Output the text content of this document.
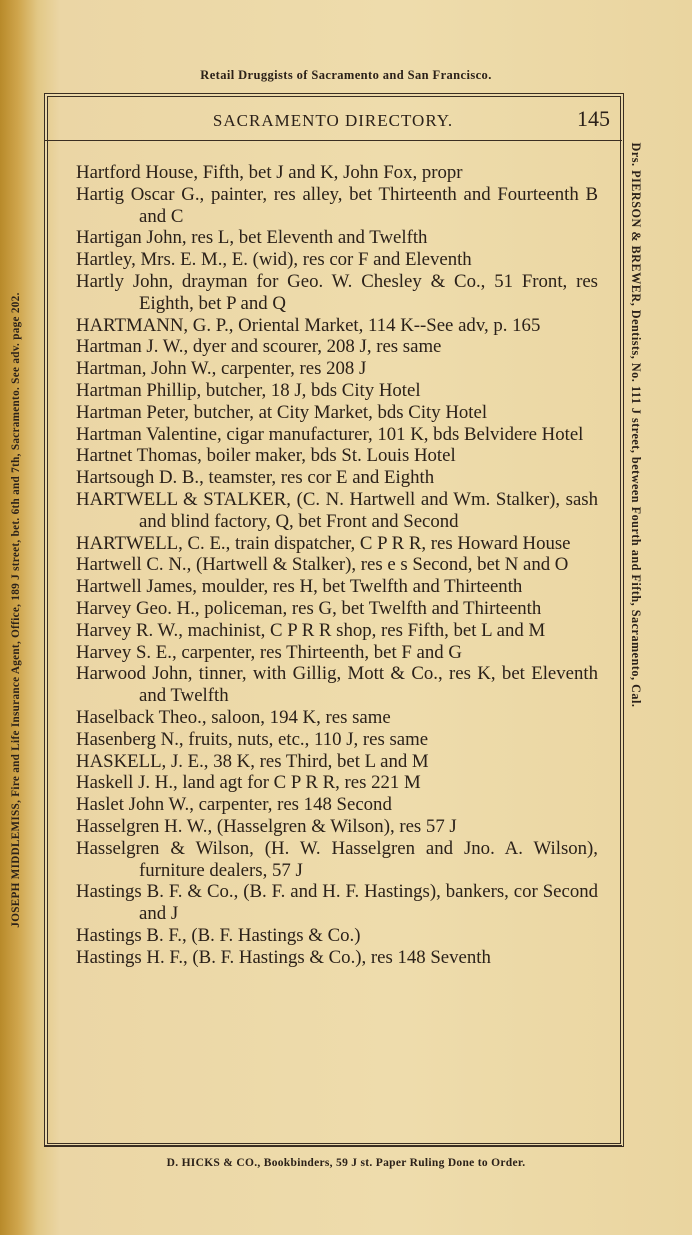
Retail Druggists of Sacramento and San Francisco.
SACRAMENTO DIRECTORY.	145

Hartford House, Fifth, bet J and K, John Fox, propr

Hartig Oscar G., painter, res alley, bet Thirteenth and Fourteenth B and C

Hartigan John, res L, bet Eleventh and Twelfth

Hartley, Mrs. E. M., E. (wid), res cor F and Eleventh

Hartly John, drayman for Geo. W. Chesley & Co., 51 Front, res Eighth, bet P and Q

HARTMANN, G. P., Oriental Market, 114 K--See adv, p. 165

Hartman J. W., dyer and scourer, 208 J, res same

Hartman, John W., carpenter, res 208 J

Hartman Phillip, butcher, 18 J, bds City Hotel

Hartman Peter, butcher, at City Market, bds City Hotel

Hartman Valentine, cigar manufacturer, 101 K, bds Belvidere Hotel

Hartnet Thomas, boiler maker, bds St. Louis Hotel

Hartsough D. B., teamster, res cor E and Eighth

HARTWELL & STALKER, (C. N. Hartwell and Wm. Stalker), sash and blind factory, Q, bet Front and Second

HARTWELL, C. E., train dispatcher, C P R R, res Howard House

Hartwell C. N., (Hartwell & Stalker), res e s Second, bet N and O

Hartwell James, moulder, res H, bet Twelfth and Thirteenth

Harvey Geo. H., policeman, res G, bet Twelfth and Thirteenth

Harvey R. W., machinist, C P R R shop, res Fifth, bet L and M

Harvey S. E., carpenter, res Thirteenth, bet F and G

Harwood John, tinner, with Gillig, Mott & Co., res K, bet Eleventh and Twelfth

Haselback Theo., saloon, 194 K, res same

Hasenberg N., fruits, nuts, etc., 110 J, res same

HASKELL, J. E., 38 K, res Third, bet L and M

Haskell J. H., land agt for C P R R, res 221 M

Haslet John W., carpenter, res 148 Second

Hasselgren H. W., (Hasselgren & Wilson), res 57 J

Hasselgren & Wilson, (H. W. Hasselgren and Jno. A. Wilson), furniture dealers, 57 J

Hastings B. F. & Co., (B. F. and H. F. Hastings), bankers, cor Second and J

Hastings B. F., (B. F. Hastings & Co.)

Hastings H. F., (B. F. Hastings & Co.), res 148 Seventh

JOSEPH MIDDLEMISS, Fire and Life Insurance Agent, Office, 189 J street, bet. 6th and 7th, Sacramento. See adv. page 202.	Drs. PIERSON & BREWER, Dentists, No. 111 J street, between Fourth and Fifth, Sacramento, Cal.
D. HICKS & CO., Bookbinders, 59 J st. Paper Ruling Done to Order.
